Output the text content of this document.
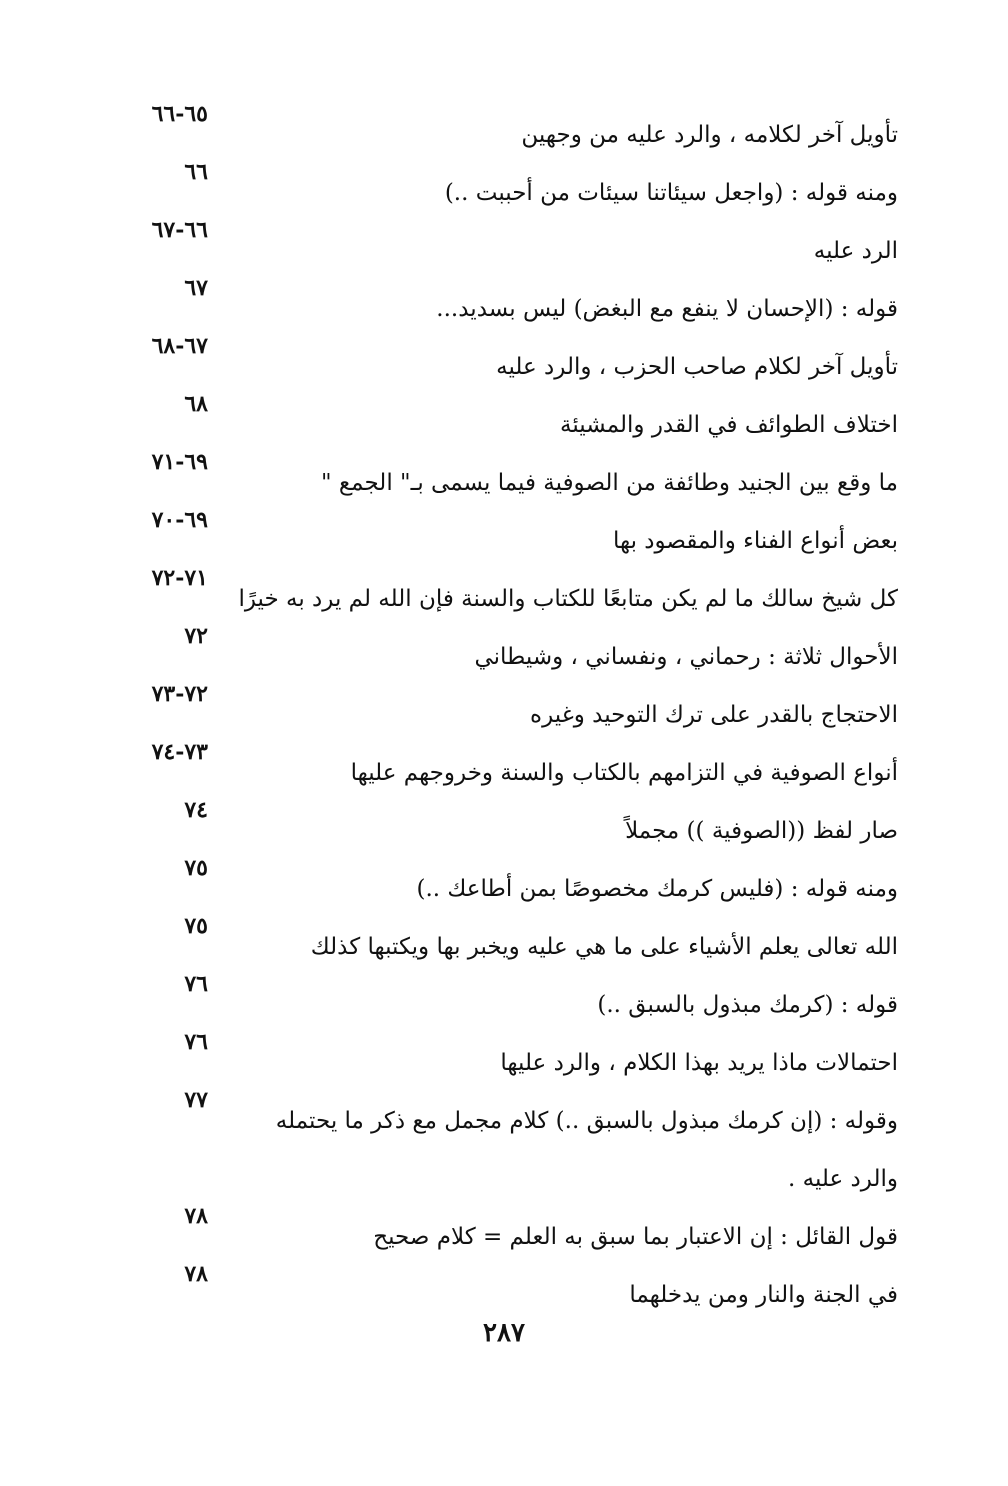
تأويل آخر لكلامه ، والرد عليه من وجهين
٦٥-٦٦
ومنه قوله : (واجعل سيئاتنا سيئات من أحببت ..)
٦٦
الرد عليه
٦٦-٦٧
قوله : (الإحسان لا ينفع مع البغض) ليس بسديد...
٦٧
تأويل آخر لكلام صاحب الحزب ، والرد عليه
٦٧-٦٨
اختلاف الطوائف في القدر والمشيئة
٦٨
ما وقع بين الجنيد وطائفة من الصوفية فيما يسمى بـ" الجمع "
٦٩-٧١
بعض أنواع الفناء والمقصود بها
٦٩-٧٠
كل شيخ سالك ما لم يكن متابعًا للكتاب والسنة فإن الله لم يرد به خيرًا
٧١-٧٢
الأحوال ثلاثة : رحماني ، ونفساني ، وشيطاني
٧٢
الاحتجاج بالقدر على ترك التوحيد وغيره
٧٢-٧٣
أنواع الصوفية في التزامهم بالكتاب والسنة وخروجهم عليها
٧٣-٧٤
صار لفظ ((الصوفية )) مجملاً
٧٤
ومنه قوله : (فليس كرمك مخصوصًا بمن أطاعك ..)
٧٥
الله تعالى يعلم الأشياء على ما هي عليه ويخبر بها ويكتبها كذلك
٧٥
قوله : (كرمك مبذول بالسبق ..)
٧٦
احتمالات ماذا يريد بهذا الكلام ، والرد عليها
٧٦
وقوله : (إن كرمك مبذول بالسبق ..) كلام مجمل مع ذكر ما يحتمله والرد عليه .
٧٧
قول القائل : إن الاعتبار بما سبق به العلم = كلام صحيح
٧٨
في الجنة والنار ومن يدخلهما
٧٨
٢٨٧
